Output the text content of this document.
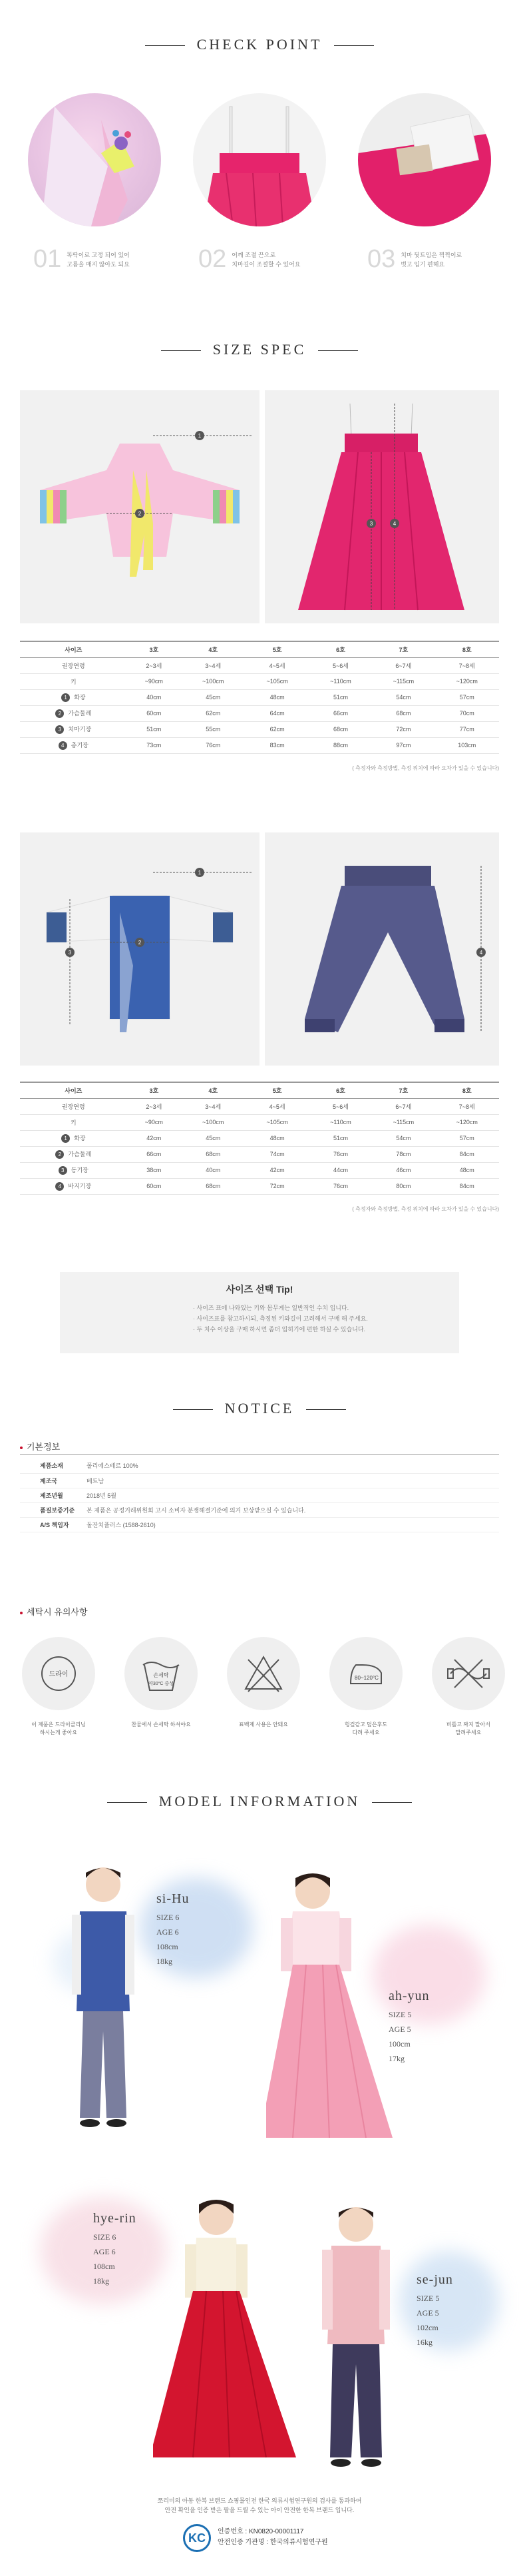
CHECK POINT
01 똑딱이로 고정 되어 있어
고름을 매지 않아도 되요	02 어깨 조절 끈으로
치마길이 조절할 수 있어요	03 치마 뒷트임은 찍찍이로
벗고 입기 편해요
SIZE SPEC
1
2
3	4
사이즈	3호	4호	5호	6호	7호	8호
권장연령	2~3세	3~4세	4~5세	5~6세	6~7세	7~8세
키	~90cm	~100cm	~105cm	~110cm	~115cm	~120cm
1 화장	40cm	45cm	48cm	51cm	54cm	57cm
2 가슴둘레	60cm	62cm	64cm	66cm	68cm	70cm
3 치마기장	51cm	55cm	62cm	68cm	72cm	77cm
4 총기장	73cm	76cm	83cm	88cm	97cm	103cm
( 측정자와 측정방법, 측정 위치에 따라 오차가 있을 수 있습니다)
1
2
3	4
사이즈	3호	4호	5호	6호	7호	8호
권장연령	2~3세	3~4세	4~5세	5~6세	6~7세	7~8세
키	~90cm	~100cm	~105cm	~110cm	~115cm	~120cm
1 화장	42cm	45cm	48cm	51cm	54cm	57cm
2 가슴둘레	66cm	68cm	74cm	76cm	78cm	84cm
3 동기장	38cm	40cm	42cm	44cm	46cm	48cm
4 바지기장	60cm	68cm	72cm	76cm	80cm	84cm
( 측정자와 측정방법, 측정 위치에 따라 오차가 있을 수 있습니다)
사이즈 선택 Tip!
· 사이즈 표에 나와있는 키와 몸무게는 일반적인 수치 입니다.
· 사이즈표를 참고하시되, 측정된 키와길이 고려해서 구매 해 주세요.
· 두 치수 이상을 구매 하시면 좀더 입히기에 편한 하실 수 있습니다.
NOTICE
기본정보
제품소재	폴리에스테르 100%
제조국	베트남
제조년월	2018년 5월
품질보증기준	본 제품은 공정거래위원회 고시 소비자 분쟁해결기준에 의거 보상받으실 수 있습니다.
A/S 책임자	돌잔치플러스 (1588-2610)
세탁시 유의사항
드라이	손세탁
약30°C 중성
80~120°C
이 제품은 드라이클리닝
하시는게 좋아요
찬물에서 손세탁 하셔야요	표백제 사용은 안돼요	헝겊같고 덮은후도
다려 주세요
비틀고 짜지 말아서
말려주세요
MODEL INFORMATION
si-Hu
SIZE 6
AGE 6
108cm
18kg
ah-yun
SIZE 5
AGE 5
100cm
17kg
hye-rin
SIZE 6
AGE 6
108cm
18kg	se-jun
SIZE 5
AGE 5
102cm
16kg
쪼리미의 아동 한복 브랜드 쇼핑몰인전 한국 의류시험연구원의 검사를 통과하여
안전 확인을 인증 받은 팔을 드릴 수 있는 아이 안전한 한복 브랜드 입니다.
KC	인증번호 : KN0820-00001117
안전인증 기관명 : 한국의류시험연구원
